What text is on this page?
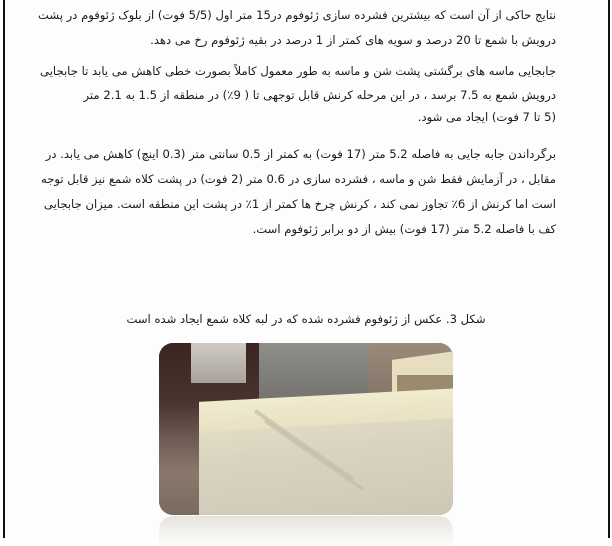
نتایج حاکی از آن است که بیشترین فشرده سازی ژئوفوم در15 متر اول (5/5 فوت) از بلوک ژئوفوم در پشت
درویش با شمع تا 20 درصد و سویه های کمتر از 1 درصد در بقیه ژئوفوم رخ می دهد.
جابجایی ماسه های برگشتی پشت شن و ماسه به طور معمول کاملاً بصورت خطی کاهش می یابد تا جابجایی
درویش شمع به 7.5 برسد ، در این مرحله کرنش قابل توجهی تا ( 9٪) در منطقه از 1.5 به 2.1 متر
(5 تا 7 فوت) ایجاد می شود.
برگرداندن جابه جایی به فاصله 5.2 متر (17 فوت) به کمتر از 0.5 سانتی متر (0.3 اینچ) کاهش می یابد. در
مقابل ، در آزمایش فقط شن و ماسه ، فشرده سازی در 0.6 متر (2 فوت) در پشت کلاه شمع نیز قابل توجه
است اما کرنش از 6٪ تجاوز نمی کند ، کرنش چرخ ها کمتر از 1٪ در پشت این منطقه است. میزان جابجایی
کف با فاصله 5.2 متر (17 فوت) بیش از دو برابر ژئوفوم است.
شکل 3. عکس از ژئوفوم فشرده شده که در لبه کلاه شمع ایجاد شده است
